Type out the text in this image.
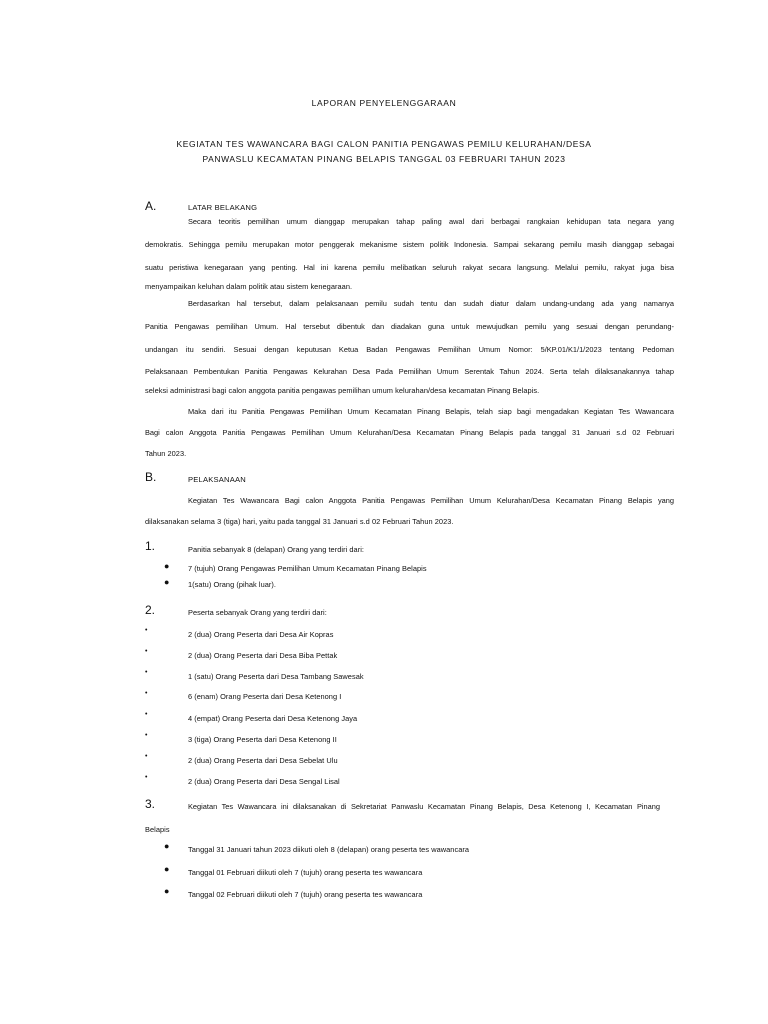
LAPORAN PENYELENGGARAAN
KEGIATAN TES WAWANCARA BAGI CALON PANITIA PENGAWAS PEMILU KELURAHAN/DESA
PANWASLU KECAMATAN PINANG BELAPIS TANGGAL 03 FEBRUARI TAHUN 2023
A.	LATAR BELAKANG
Secara teoritis pemilihan umum dianggap merupakan tahap paling awal dari berbagai rangkaian kehidupan tata negara yang
demokratis. Sehingga pemilu merupakan motor penggerak mekanisme sistem politik Indonesia. Sampai sekarang pemilu masih dianggap sebagai
suatu peristiwa kenegaraan yang penting. Hal ini karena pemilu melibatkan seluruh rakyat secara langsung. Melalui pemilu, rakyat juga bisa
menyampaikan keluhan dalam politik atau sistem kenegaraan.
Berdasarkan hal tersebut, dalam pelaksanaan pemilu sudah tentu dan sudah diatur dalam undang-undang ada yang namanya
Panitia Pengawas pemilihan Umum. Hal tersebut dibentuk dan diadakan guna untuk mewujudkan pemilu yang sesuai dengan perundang-
undangan itu sendiri. Sesuai dengan keputusan Ketua Badan Pengawas Pemilihan Umum Nomor: 5/KP.01/K1/1/2023 tentang Pedoman
Pelaksanaan Pembentukan Panitia Pengawas Kelurahan Desa Pada Pemilihan Umum Serentak Tahun 2024. Serta telah dilaksanakannya tahap
seleksi administrasi bagi calon anggota panitia pengawas pemilihan umum kelurahan/desa kecamatan Pinang Belapis.
Maka dari itu Panitia Pengawas Pemilihan Umum Kecamatan Pinang Belapis, telah siap bagi mengadakan Kegiatan Tes Wawancara
Bagi calon Anggota Panitia Pengawas Pemilihan Umum Kelurahan/Desa Kecamatan Pinang Belapis pada tanggal 31 Januari s.d 02 Februari
Tahun 2023.
B.	PELAKSANAAN
Kegiatan Tes Wawancara Bagi calon Anggota Panitia Pengawas Pemilihan Umum Kelurahan/Desa Kecamatan Pinang Belapis yang
dilaksanakan selama 3 (tiga) hari, yaitu pada tanggal 31 Januari s.d 02 Februari Tahun 2023.
1.	Panitia sebanyak 8 (delapan) Orang yang terdiri dari:
●	7 (tujuh) Orang Pengawas Pemilihan Umum Kecamatan Pinang Belapis
●	1(satu) Orang (pihak luar).
2.	Peserta sebanyak Orang yang terdiri dari:
•	2 (dua) Orang Peserta dari Desa Air Kopras
•	2 (dua) Orang Peserta dari Desa Biba Pettak
•	1 (satu) Orang Peserta dari Desa Tambang Sawesak
•	6 (enam) Orang Peserta dari Desa Ketenong I
•	4 (empat) Orang Peserta dari Desa Ketenong Jaya
•	3 (tiga) Orang Peserta dari Desa Ketenong II
•	2 (dua) Orang Peserta dari Desa Sebelat Ulu
•	2 (dua) Orang Peserta dari Desa Sengal Lisal
3.	Kegiatan Tes Wawancara ini dilaksanakan di Sekretariat Panwaslu Kecamatan Pinang Belapis, Desa Ketenong I, Kecamatan Pinang
Belapis
●	Tanggal 31 Januari tahun 2023 diikuti oleh 8 (delapan) orang peserta tes wawancara
●	Tanggal 01 Februari diikuti oleh 7 (tujuh) orang peserta tes wawancara
●	Tanggal 02 Februari diikuti oleh 7 (tujuh) orang peserta tes wawancara
